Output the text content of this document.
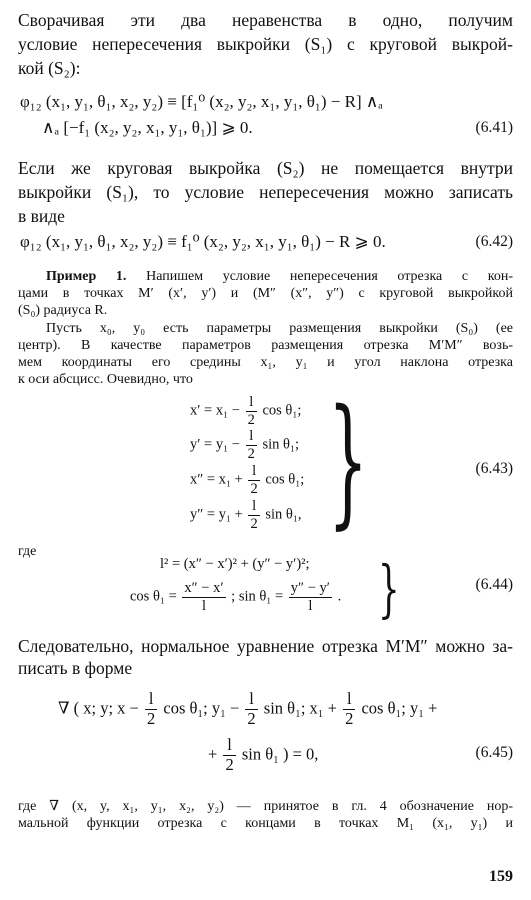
Сворачивая эти два неравенства в одно, получим
условие непересечения выкройки (S₁) с круговой выкрой-
кой (S₂):
φ₁₂ (x₁, y₁, θ₁, x₂, y₂) ≡ [f₁⁰ (x₂, y₂, x₁, y₁, θ₁) − R] ∧ₐ
∧ₐ [−f₁ (x₂, y₂, x₁, y₁, θ₁)] ⩾ 0.	(6.41)
Если же круговая выкройка (S₂) не помещается внутри
выкройки (S₁), то условие непересечения можно записать
в виде
φ₁₂ (x₁, y₁, θ₁, x₂, y₂) ≡ f₁⁰ (x₂, y₂, x₁, y₁, θ₁) − R ⩾ 0.	(6.42)
Пример 1. Напишем условие непересечения отрезка с кон-
цами в точках M′ (x′, y′) и (M″ (x″, y″) с круговой выкройкой
(S₀) радиуса R.
Пусть x₀, y₀ есть параметры размещения выкройки (S₀) (ее
центр). В качестве параметров размещения отрезка M′M″ возь-
мем координаты его средины x₁, y₁ и угол наклона отрезка
к оси абсцисс. Очевидно, что
$x' = x_1 - \frac{l}{2}$ cos θ₁;
$y' = y_1 - \frac{l}{2}$ sin θ₁;
$x'' = x_1 + \frac{l}{2}$ cos θ₁;
$y'' = y_1 + \frac{l}{2}$ sin θ₁, }	(6.43)
где
l² = (x″ − x′)² + (y″ − y′)²;
$\cos \theta_1 = \frac{x'' - x'}{l}$ ; $\sin \theta_1 = \frac{y'' - y'}{l}$ . }	(6.44)
Следовательно, нормальное уравнение отрезка M′M″ можно за-
писать в форме
∇ ( x; y; $x - \frac{l}{2}$ cos θ₁; $y_1 - \frac{l}{2}$ sin θ₁; $x_1 + \frac{l}{2}$ cos θ₁; y₁ +
+ $\frac{l}{2}$ sin θ₁ ) = 0,	(6.45)
где ∇ (x, y, x₁, y₁, x₂, y₂) — принятое в гл. 4 обозначение нор-
мальной функции отрезка с концами в точках M₁ (x₁, y₁) и
159
